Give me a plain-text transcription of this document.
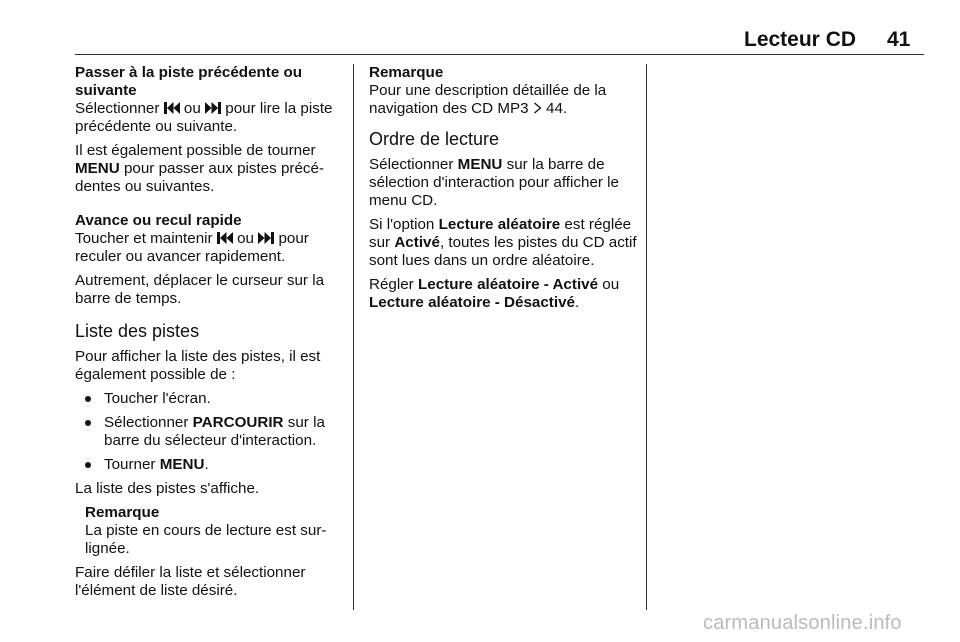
Lecteur CD 41
Passer à la piste précédente ou suivante

Sélectionner ou pour lire la piste précédente ou suivante.

Il est également possible de tourner MENU pour passer aux pistes précédentes ou suivantes.

Avance ou recul rapide

Toucher et maintenir ou pour reculer ou avancer rapidement.

Autrement, déplacer le curseur sur la barre de temps.

Liste des pistes

Pour afficher la liste des pistes, il est également possible de :

Toucher l'écran.
Sélectionner PARCOURIR sur la barre du sélecteur d'interaction.
Tourner MENU.

La liste des pistes s'affiche.

Remarque
La piste en cours de lecture est surlignée.

Faire défiler la liste et sélectionner l'élément de liste désiré.

Remarque
Pour une description détaillée de la navigation des CD MP3 44.
Ordre de lecture

Sélectionner MENU sur la barre de sélection d'interaction pour afficher le menu CD.

Si l'option Lecture aléatoire est réglée sur Activé, toutes les pistes du CD actif sont lues dans un ordre aléatoire.

Régler Lecture aléatoire - Activé ou Lecture aléatoire - Désactivé.

carmanualsonline.info
